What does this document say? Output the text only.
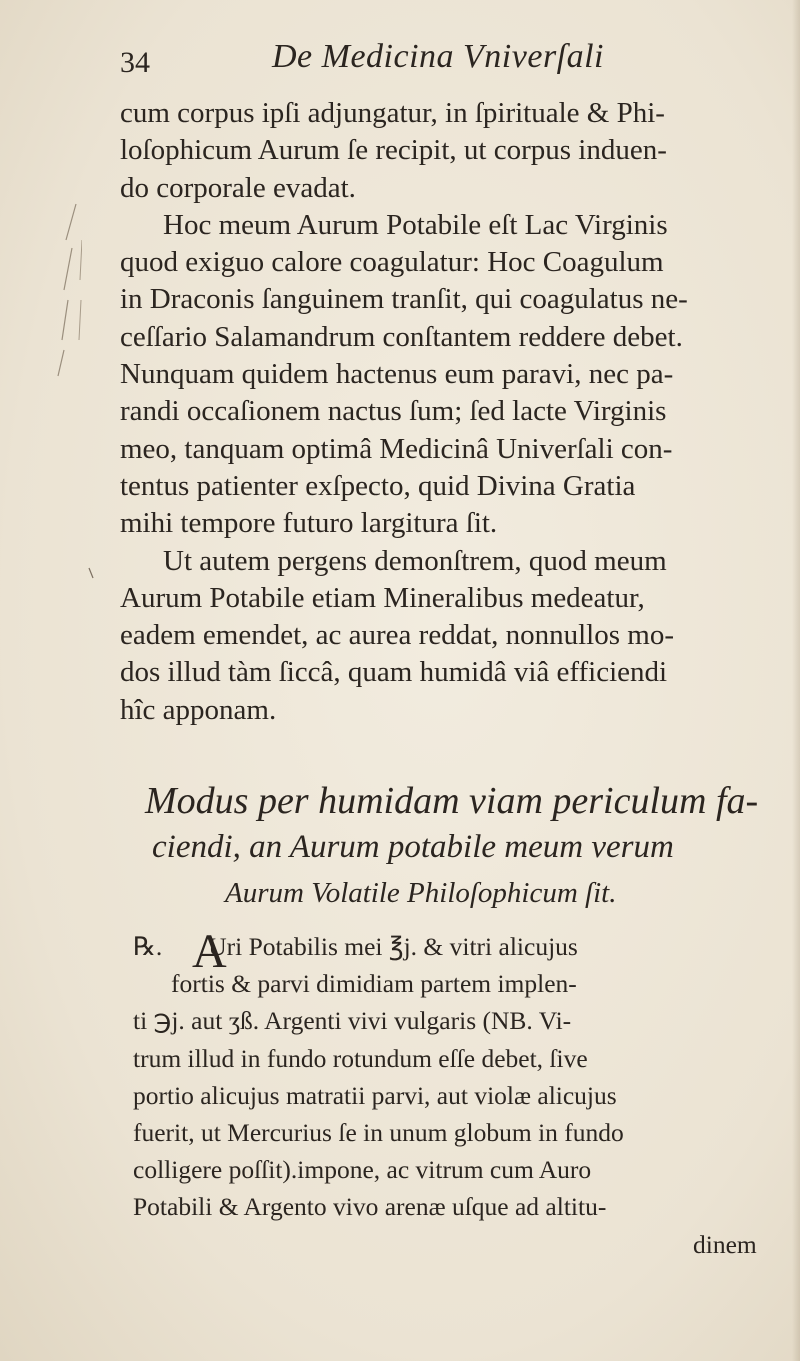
34	De Medicina Vniverſali
cum corpus ipſi adjungatur, in ſpirituale & Phi-
loſophicum Aurum ſe recipit, ut corpus induen-
do corporale evadat.
Hoc meum Aurum Potabile eſt Lac Virginis
quod exiguo calore coagulatur: Hoc Coagulum
in Draconis ſanguinem tranſit, qui coagulatus ne-
ceſſario Salamandrum conſtantem reddere debet.
Nunquam quidem hactenus eum paravi, nec pa-
randi occaſionem nactus ſum; ſed lacte Virginis
meo, tanquam optimâ Medicinâ Univerſali con-
tentus patienter exſpecto, quid Divina Gratia
mihi tempore futuro largitura ſit.
Ut autem pergens demonſtrem, quod meum
Aurum Potabile etiam Mineralibus medeatur,
eadem emendet, ac aurea reddat, nonnullos mo-
dos illud tàm ſiccâ, quam humidâ viâ efficiendi
hîc apponam.
Modus per humidam viam periculum fa-
ciendi, an Aurum potabile meum verum
Aurum Volatile Philoſophicum ſit.
A
℞. Uri Potabilis mei ℥j. & vitri alicujus
fortis & parvi dimidiam partem implen-
ti ℈j. aut ʒß. Argenti vivi vulgaris (NB. Vi-
trum illud in fundo rotundum eſſe debet, ſive
portio alicujus matratii parvi, aut violæ alicujus
fuerit, ut Mercurius ſe in unum globum in fundo
colligere poſſit).impone, ac vitrum cum Auro
Potabili & Argento vivo arenæ uſque ad altitu-
dinem
